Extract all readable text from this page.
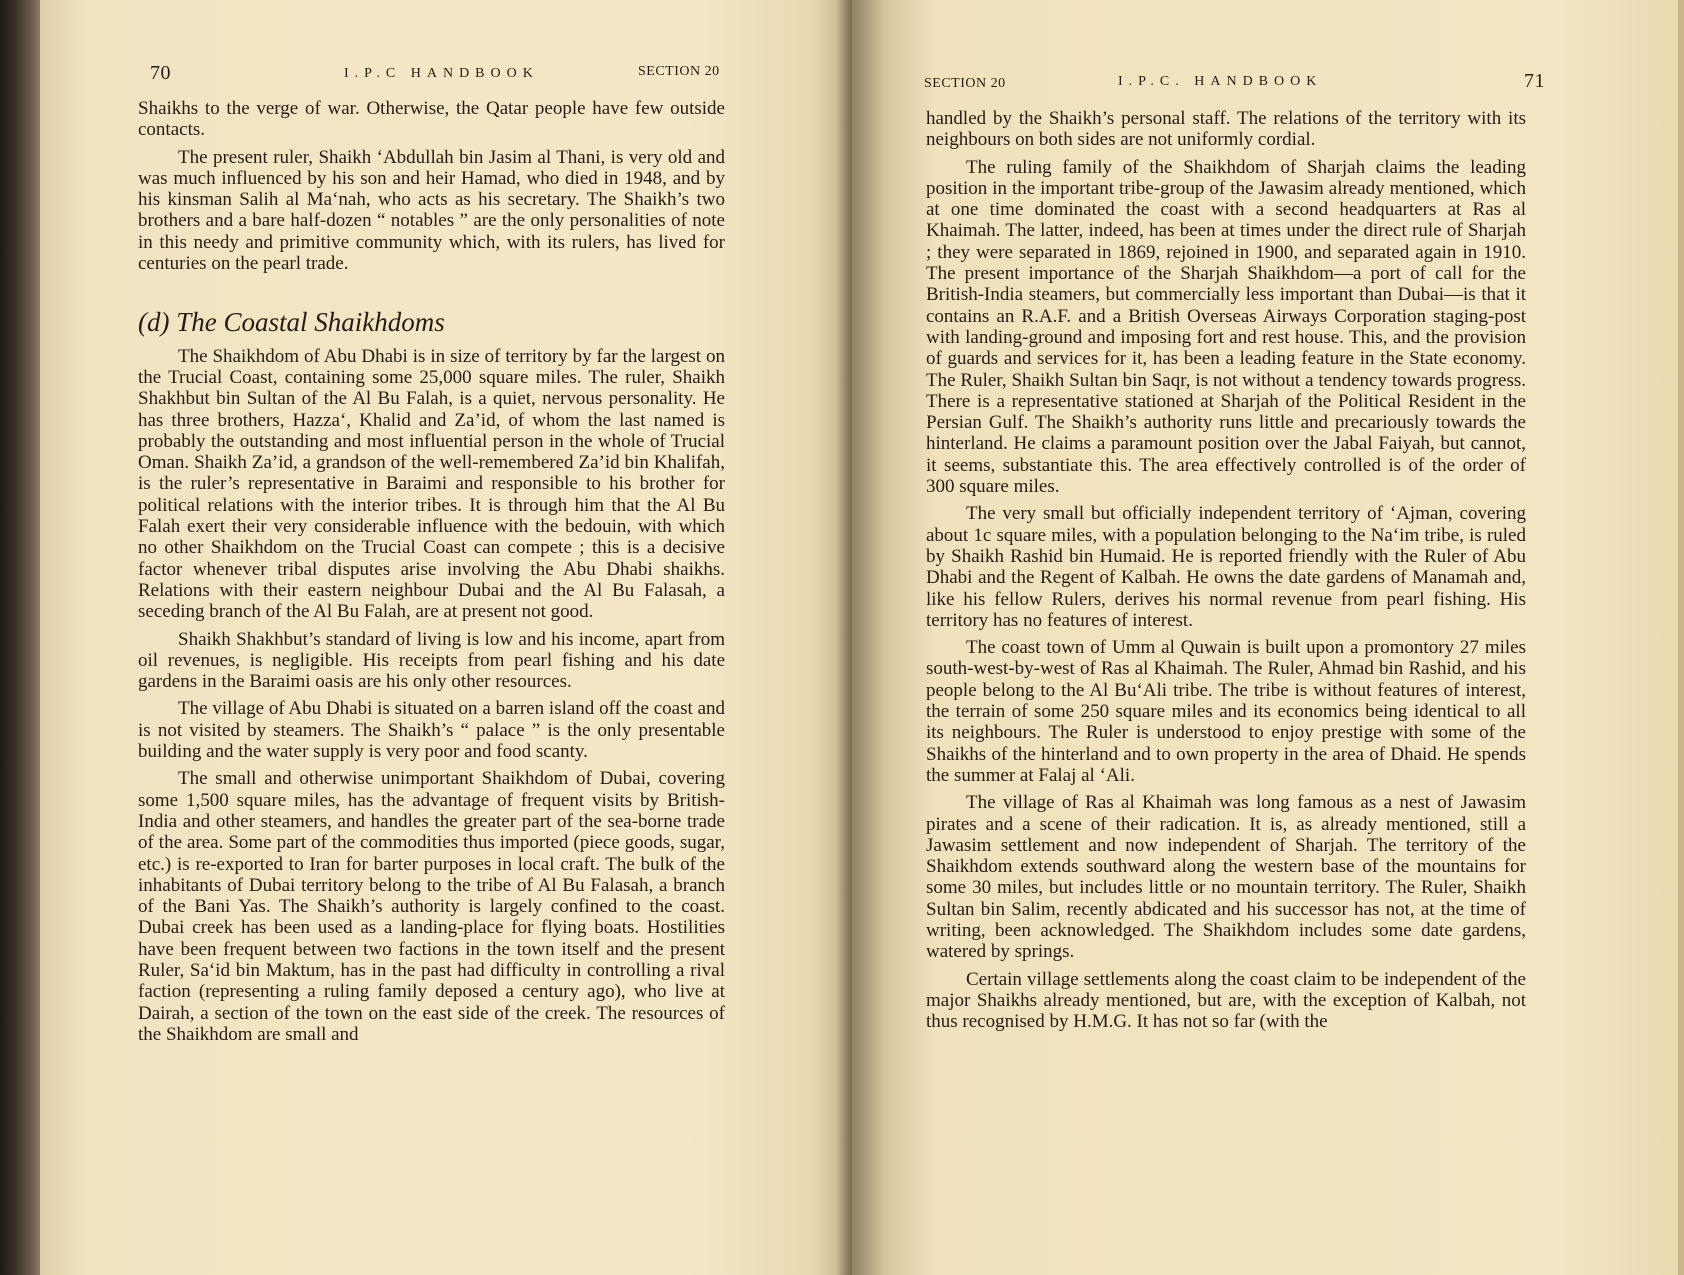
70	I.P.C HANDBOOK	SECTION 20

Shaikhs to the verge of war. Otherwise, the Qatar people have few outside contacts.

The present ruler, Shaikh ‘Abdullah bin Jasim al Thani, is very old and was much influenced by his son and heir Hamad, who died in 1948, and by his kinsman Salih al Ma‘nah, who acts as his secretary. The Shaikh’s two brothers and a bare half-dozen “ notables ” are the only personalities of note in this needy and primitive community which, with its rulers, has lived for centuries on the pearl trade.

(d) The Coastal Shaikhdoms

The Shaikhdom of Abu Dhabi is in size of territory by far the largest on the Trucial Coast, containing some 25,000 square miles. The ruler, Shaikh Shakhbut bin Sultan of the Al Bu Falah, is a quiet, nervous personality. He has three brothers, Hazza‘, Khalid and Za’id, of whom the last named is probably the outstanding and most influential person in the whole of Trucial Oman. Shaikh Za’id, a grandson of the well-remembered Za’id bin Khalifah, is the ruler’s representative in Baraimi and responsible to his brother for political relations with the interior tribes. It is through him that the Al Bu Falah exert their very considerable influence with the bedouin, with which no other Shaikhdom on the Trucial Coast can compete ; this is a decisive factor whenever tribal disputes arise involving the Abu Dhabi shaikhs. Relations with their eastern neighbour Dubai and the Al Bu Falasah, a seceding branch of the Al Bu Falah, are at present not good.

Shaikh Shakhbut’s standard of living is low and his income, apart from oil revenues, is negligible. His receipts from pearl fishing and his date gardens in the Baraimi oasis are his only other resources.

The village of Abu Dhabi is situated on a barren island off the coast and is not visited by steamers. The Shaikh’s “ palace ” is the only presentable building and the water supply is very poor and food scanty.

The small and otherwise unimportant Shaikhdom of Dubai, covering some 1,500 square miles, has the advantage of frequent visits by British-India and other steamers, and handles the greater part of the sea-borne trade of the area. Some part of the commodities thus imported (piece goods, sugar, etc.) is re-exported to Iran for barter purposes in local craft. The bulk of the inhabitants of Dubai territory belong to the tribe of Al Bu Falasah, a branch of the Bani Yas. The Shaikh’s authority is largely confined to the coast. Dubai creek has been used as a landing-place for flying boats. Hostilities have been frequent between two factions in the town itself and the present Ruler, Sa‘id bin Maktum, has in the past had difficulty in controlling a rival faction (representing a ruling family deposed a century ago), who live at Dairah, a section of the town on the east side of the creek. The resources of the Shaikhdom are small and

SECTION 20	I.P.C. HANDBOOK	71

handled by the Shaikh’s personal staff. The relations of the territory with its neighbours on both sides are not uniformly cordial.

The ruling family of the Shaikhdom of Sharjah claims the leading position in the important tribe-group of the Jawasim already mentioned, which at one time dominated the coast with a second headquarters at Ras al Khaimah. The latter, indeed, has been at times under the direct rule of Sharjah ; they were separated in 1869, rejoined in 1900, and separated again in 1910. The present importance of the Sharjah Shaikhdom—a port of call for the British-India steamers, but commercially less important than Dubai—is that it contains an R.A.F. and a British Overseas Airways Corporation staging-post with landing-ground and imposing fort and rest house. This, and the provision of guards and services for it, has been a leading feature in the State economy. The Ruler, Shaikh Sultan bin Saqr, is not without a tendency towards progress. There is a representative stationed at Sharjah of the Political Resident in the Persian Gulf. The Shaikh’s authority runs little and precariously towards the hinterland. He claims a paramount position over the Jabal Faiyah, but cannot, it seems, substantiate this. The area effectively controlled is of the order of 300 square miles.

The very small but officially independent territory of ‘Ajman, covering about 1c square miles, with a population belonging to the Na‘im tribe, is ruled by Shaikh Rashid bin Humaid. He is reported friendly with the Ruler of Abu Dhabi and the Regent of Kalbah. He owns the date gardens of Manamah and, like his fellow Rulers, derives his normal revenue from pearl fishing. His territory has no features of interest.

The coast town of Umm al Quwain is built upon a promontory 27 miles south-west-by-west of Ras al Khaimah. The Ruler, Ahmad bin Rashid, and his people belong to the Al Bu‘Ali tribe. The tribe is without features of interest, the terrain of some 250 square miles and its economics being identical to all its neighbours. The Ruler is understood to enjoy prestige with some of the Shaikhs of the hinterland and to own property in the area of Dhaid. He spends the summer at Falaj al ‘Ali.

The village of Ras al Khaimah was long famous as a nest of Jawasim pirates and a scene of their radication. It is, as already mentioned, still a Jawasim settlement and now independent of Sharjah. The territory of the Shaikhdom extends southward along the western base of the mountains for some 30 miles, but includes little or no mountain territory. The Ruler, Shaikh Sultan bin Salim, recently abdicated and his successor has not, at the time of writing, been acknowledged. The Shaikhdom includes some date gardens, watered by springs.

Certain village settlements along the coast claim to be independent of the major Shaikhs already mentioned, but are, with the exception of Kalbah, not thus recognised by H.M.G. It has not so far (with the
